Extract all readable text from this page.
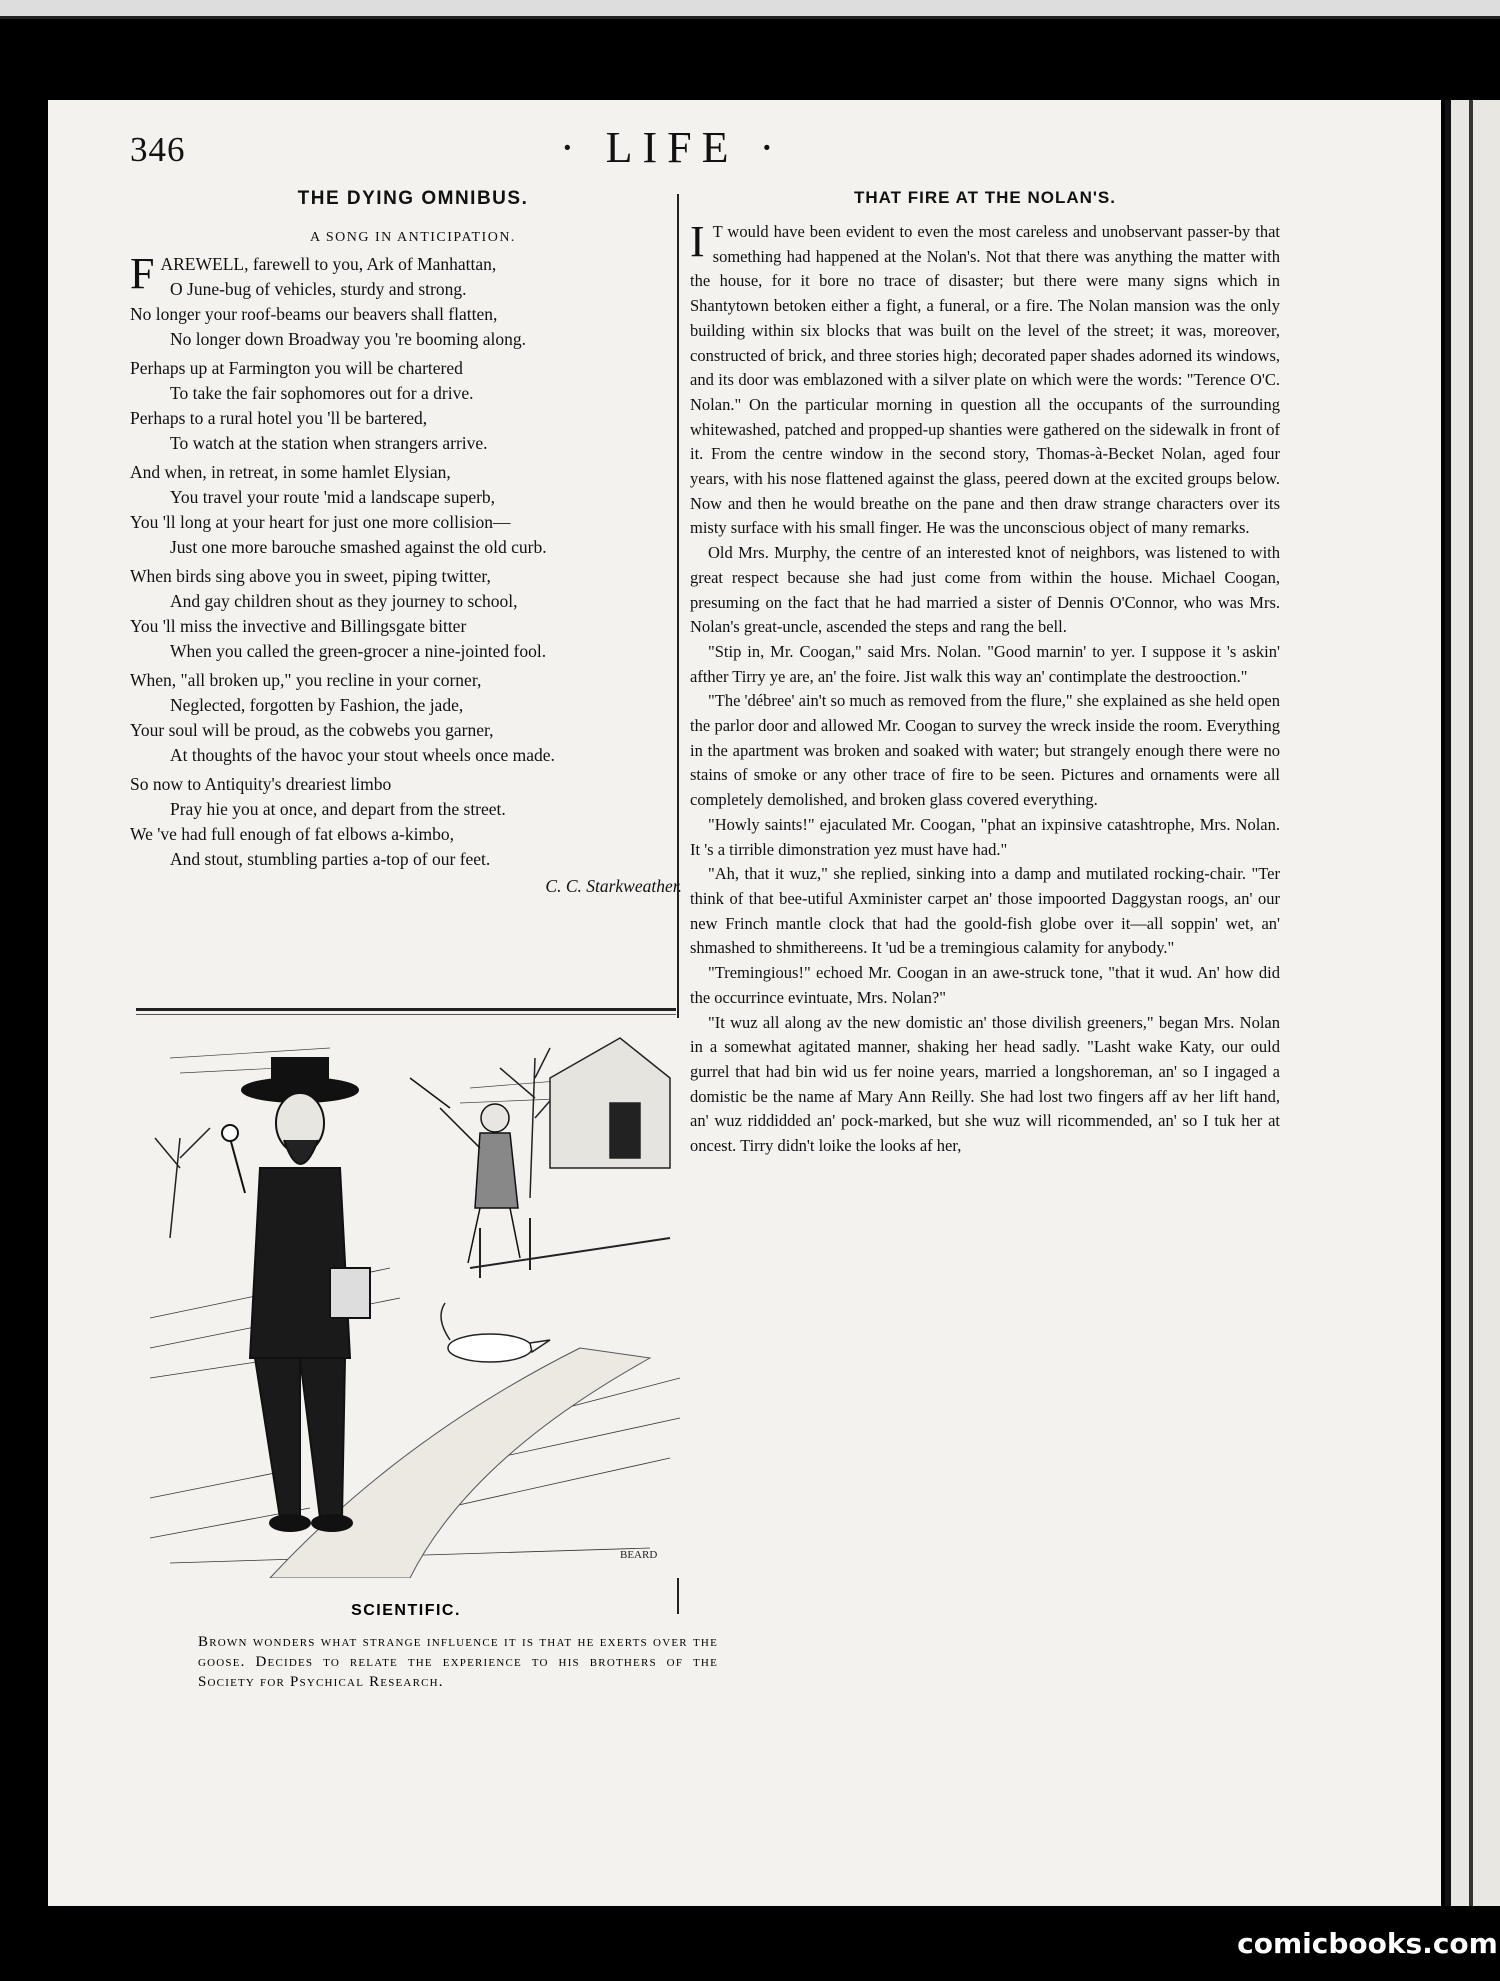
346	· LIFE ·
THE DYING OMNIBUS.
A SONG IN ANTICIPATION.
FAREWELL, farewell to you, Ark of Manhattan,
O June-bug of vehicles, sturdy and strong.
No longer your roof-beams our beavers shall flatten,
No longer down Broadway you 're booming along.
Perhaps up at Farmington you will be chartered
To take the fair sophomores out for a drive.
Perhaps to a rural hotel you 'll be bartered,
To watch at the station when strangers arrive.
And when, in retreat, in some hamlet Elysian,
You travel your route 'mid a landscape superb,
You 'll long at your heart for just one more collision—
Just one more barouche smashed against the old curb.
When birds sing above you in sweet, piping twitter,
And gay children shout as they journey to school,
You 'll miss the invective and Billingsgate bitter
When you called the green-grocer a nine-jointed fool.
When, "all broken up," you recline in your corner,
Neglected, forgotten by Fashion, the jade,
Your soul will be proud, as the cobwebs you garner,
At thoughts of the havoc your stout wheels once made.
So now to Antiquity's dreariest limbo
Pray hie you at once, and depart from the street.
We 've had full enough of fat elbows a-kimbo,
And stout, stumbling parties a-top of our feet.
C. C. Starkweather.
BEARD
SCIENTIFIC.
Brown wonders what strange influence it is that he exerts over the goose. Decides to relate the experience to his brothers of the Society for Psychical Research.
THAT FIRE AT THE NOLAN'S.

I T would have been evident to even the most careless and unobservant passer-by that something had happened at the Nolan's. Not that there was anything the matter with the house, for it bore no trace of disaster; but there were many signs which in Shantytown betoken either a fight, a funeral, or a fire. The Nolan mansion was the only building within six blocks that was built on the level of the street; it was, moreover, constructed of brick, and three stories high; decorated paper shades adorned its windows, and its door was emblazoned with a silver plate on which were the words: "Terence O'C. Nolan." On the particular morning in question all the occupants of the surrounding whitewashed, patched and propped-up shanties were gathered on the sidewalk in front of it. From the centre window in the second story, Thomas-à-Becket Nolan, aged four years, with his nose flattened against the glass, peered down at the excited groups below. Now and then he would breathe on the pane and then draw strange characters over its misty surface with his small finger. He was the unconscious object of many remarks.

Old Mrs. Murphy, the centre of an interested knot of neighbors, was listened to with great respect because she had just come from within the house. Michael Coogan, presuming on the fact that he had married a sister of Dennis O'Connor, who was Mrs. Nolan's great-uncle, ascended the steps and rang the bell.

"Stip in, Mr. Coogan," said Mrs. Nolan. "Good marnin' to yer. I suppose it 's askin' afther Tirry ye are, an' the foire. Jist walk this way an' contimplate the destrooction."

"The 'débree' ain't so much as removed from the flure," she explained as she held open the parlor door and allowed Mr. Coogan to survey the wreck inside the room. Everything in the apartment was broken and soaked with water; but strangely enough there were no stains of smoke or any other trace of fire to be seen. Pictures and ornaments were all completely demolished, and broken glass covered everything.

"Howly saints!" ejaculated Mr. Coogan, "phat an ixpinsive catashtrophe, Mrs. Nolan. It 's a tirrible dimonstration yez must have had."

"Ah, that it wuz," she replied, sinking into a damp and mutilated rocking-chair. "Ter think of that bee-utiful Axminister carpet an' those impoorted Daggystan roogs, an' our new Frinch mantle clock that had the goold-fish globe over it—all soppin' wet, an' shmashed to shmithereens. It 'ud be a tremingious calamity for anybody."

"Tremingious!" echoed Mr. Coogan in an awe-struck tone, "that it wud. An' how did the occurrince evintuate, Mrs. Nolan?"

"It wuz all along av the new domistic an' those divilish greeners," began Mrs. Nolan in a somewhat agitated manner, shaking her head sadly. "Lasht wake Katy, our ould gurrel that had bin wid us fer noine years, married a longshoreman, an' so I ingaged a domistic be the name af Mary Ann Reilly. She had lost two fingers aff av her lift hand, an' wuz riddidded an' pock-marked, but she wuz will ricommended, an' so I tuk her at oncest. Tirry didn't loike the looks af her,

comicbooks.com
